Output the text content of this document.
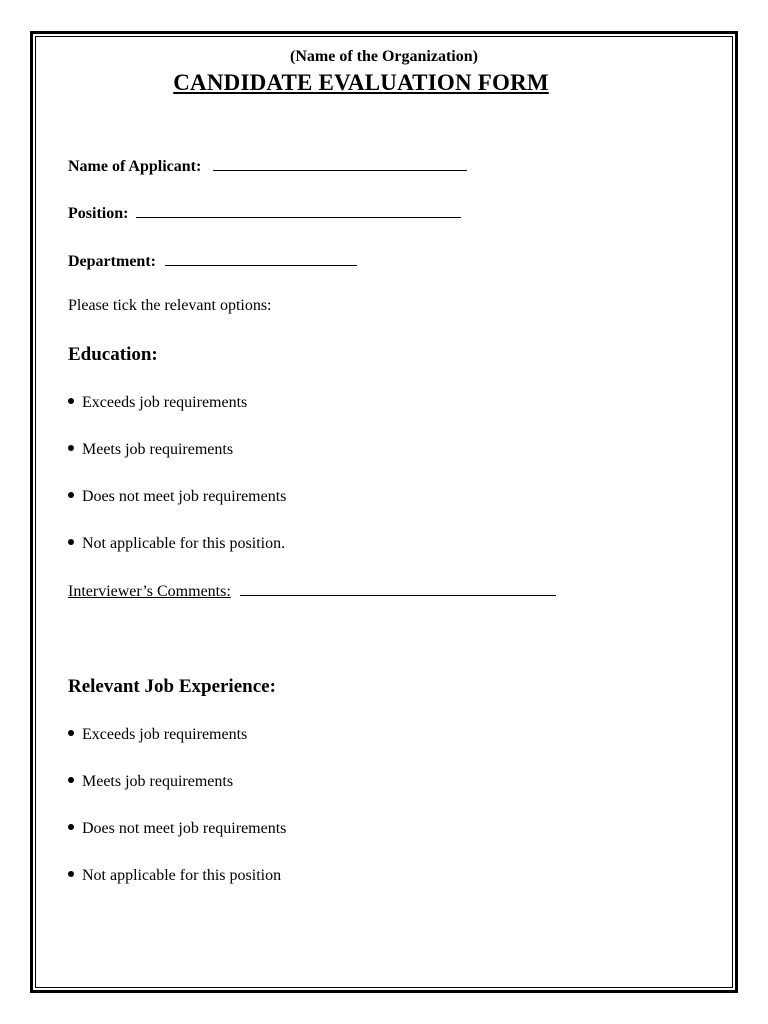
(Name of the Organization)
CANDIDATE EVALUATION FORM
Name of Applicant:
Position:
Department:
Please tick the relevant options:
Education:
Exceeds job requirements
Meets job requirements
Does not meet job requirements
Not applicable for this position.
Interviewer’s Comments:
Relevant Job Experience:
Exceeds job requirements
Meets job requirements
Does not meet job requirements
Not applicable for this position
